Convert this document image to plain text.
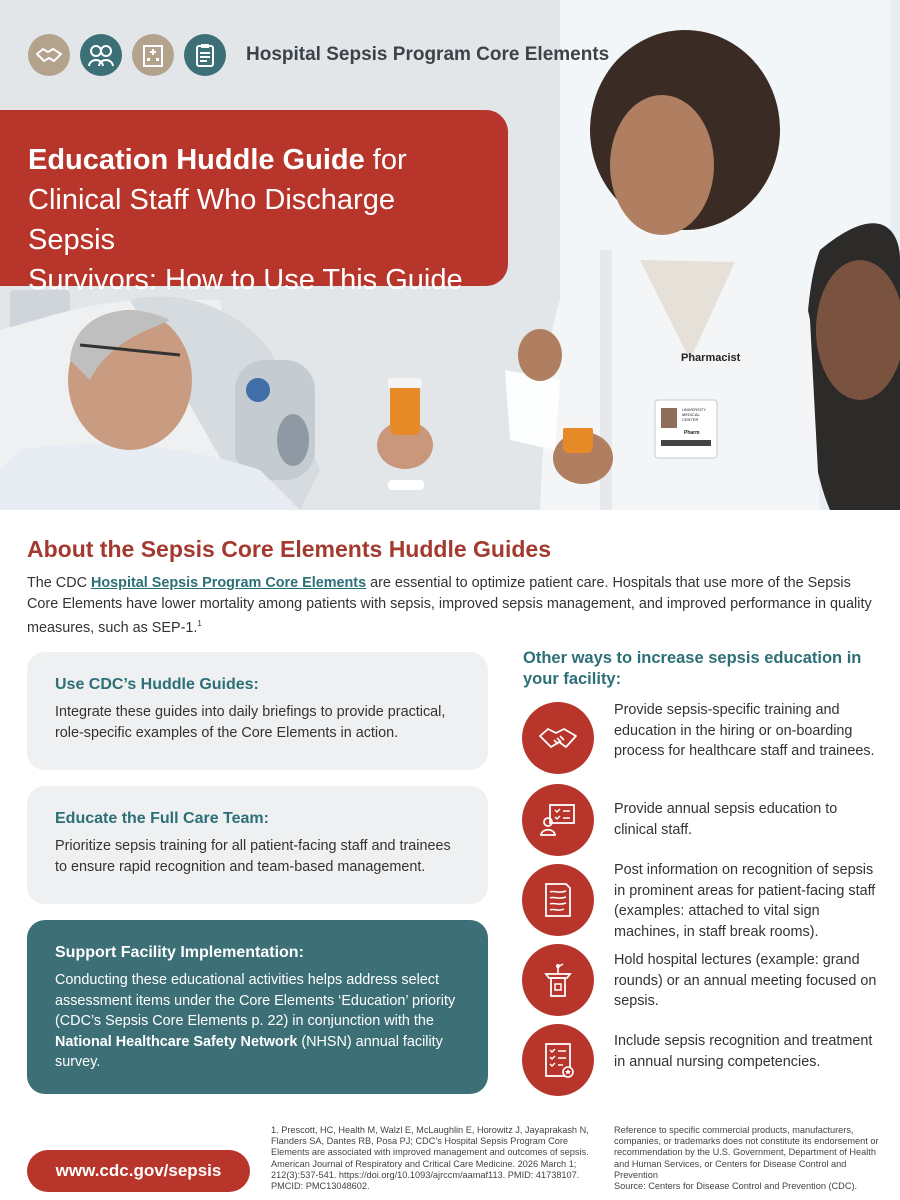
Hospital Sepsis Program Core Elements
Education Huddle Guide for
Clinical Staff Who Discharge Sepsis
Survivors: How to Use This Guide
Pharmacist
UNIVERSITY MEDICAL CENTER
Pharm
About the Sepsis Core Elements Huddle Guides

The CDC Hospital Sepsis Program Core Elements are essential to optimize patient care. Hospitals that use more of the Sepsis Core Elements have lower mortality among patients with sepsis, improved sepsis management, and improved performance in quality measures, such as SEP-1.$^1$

Use CDC’s Huddle Guides:

Integrate these guides into daily briefings to provide practical, role-specific examples of the Core Elements in action.

Educate the Full Care Team:

Prioritize sepsis training for all patient-facing staff and trainees to ensure rapid recognition and team-based management.

Support Facility Implementation:

Conducting these educational activities helps address select assessment items under the Core Elements ‘Education’ priority (CDC’s Sepsis Core Elements p. 22) in conjunction with the National Healthcare Safety Network (NHSN) annual facility survey.

Other ways to increase sepsis education in your facility:
Provide sepsis-specific training and education in the hiring or on-boarding process for healthcare staff and trainees.
Provide annual sepsis education to clinical staff.
Post information on recognition of sepsis in prominent areas for patient-facing staff (examples: attached to vital sign machines, in staff break rooms).
Hold hospital lectures (example: grand rounds) or an annual meeting focused on sepsis.
Include sepsis recognition and treatment in annual nursing competencies.
www.cdc.gov/sepsis
1. Prescott, HC, Health M, Walzl E, McLaughlin E, Horowitz J, Jayaprakash N, Flanders SA, Dantes RB, Posa PJ; CDC’s Hospital Sepsis Program Core Elements are associated with improved management and outcomes of sepsis. American Journal of Respiratory and Critical Care Medicine. 2026 March 1; 212(3):537-541. https://doi.org/10.1093/ajrccm/aamaf113. PMID: 41738107. PMCID: PMC13048602.
Reference to specific commercial products, manufacturers, companies, or trademarks does not constitute its endorsement or recommendation by the U.S. Government, Department of Health and Human Services, or Centers for Disease Control and Prevention
Source: Centers for Disease Control and Prevention (CDC).
